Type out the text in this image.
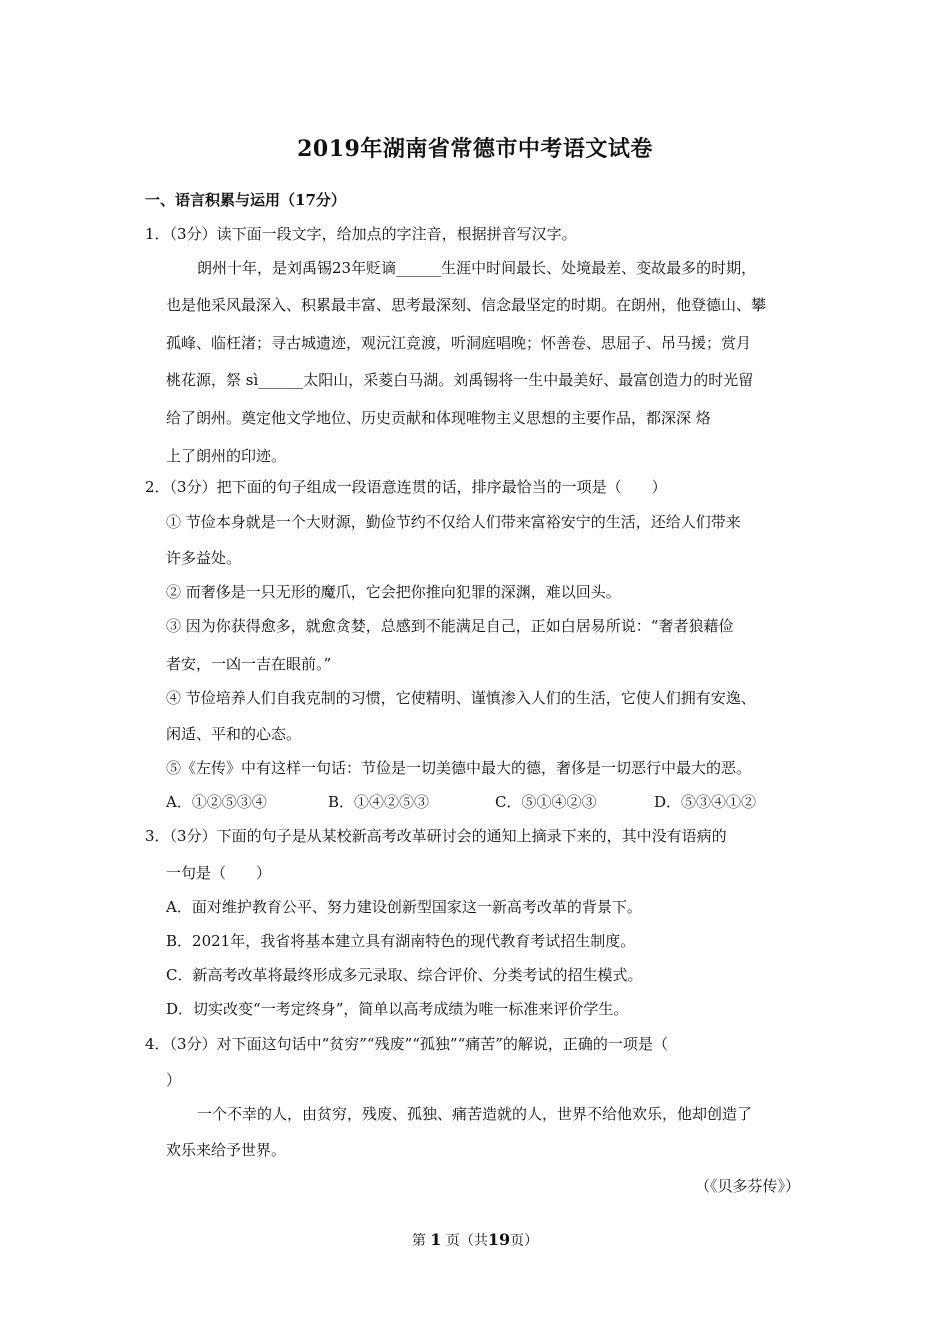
2019年湖南省常德市中考语文试卷
一、语言积累与运用（17分）
1．（3分）读下面一段文字，给加点的字注音，根据拼音写汉字。
朗州十年，是刘禹锡23年贬谪______生涯中时间最长、处境最差、变故最多的时期，
也是他采风最深入、积累最丰富、思考最深刻、信念最坚定的时期。在朗州，他登德山、攀
孤峰、临枉渚；寻古城遗迹，观沅江竞渡，听洞庭唱晚；怀善卷、思屈子、吊马援；赏月
桃花源，祭 sì______太阳山，采菱白马湖。刘禹锡将一生中最美好、最富创造力的时光留
给了朗州。奠定他文学地位、历史贡献和体现唯物主义思想的主要作品，都深深 烙
上了朗州的印迹。
2．（3分）把下面的句子组成一段语意连贯的话，排序最恰当的一项是（　　）
① 节俭本身就是一个大财源，勤俭节约不仅给人们带来富裕安宁的生活，还给人们带来
许多益处。
② 而奢侈是一只无形的魔爪，它会把你推向犯罪的深渊，难以回头。
③ 因为你获得愈多，就愈贪婪，总感到不能满足自己，正如白居易所说：“奢者狼藉俭
者安，一凶一吉在眼前。”
④ 节俭培养人们自我克制的习惯，它使精明、谨慎渗入人们的生活，它使人们拥有安逸、
闲适、平和的心态。
⑤《左传》中有这样一句话：节俭是一切美德中最大的德，奢侈是一切恶行中最大的恶。
A．①②⑤③④	B．①④②⑤③	C．⑤①④②③	D．⑤③④①②
3．（3分）下面的句子是从某校新高考改革研讨会的通知上摘录下来的，其中没有语病的
一句是（　　）
A．面对维护教育公平、努力建设创新型国家这一新高考改革的背景下。
B．2021年，我省将基本建立具有湖南特色的现代教育考试招生制度。
C．新高考改革将最终形成多元录取、综合评价、分类考试的招生模式。
D．切实改变“一考定终身”，简单以高考成绩为唯一标准来评价学生。
4．（3分）对下面这句话中“贫穷”“残废”“孤独”“痛苦”的解说，正确的一项是（
）
一个不幸的人，由贫穷，残废、孤独、痛苦造就的人，世界不给他欢乐，他却创造了
欢乐来给予世界。
（《贝多芬传》）
第 1 页（共19页）
